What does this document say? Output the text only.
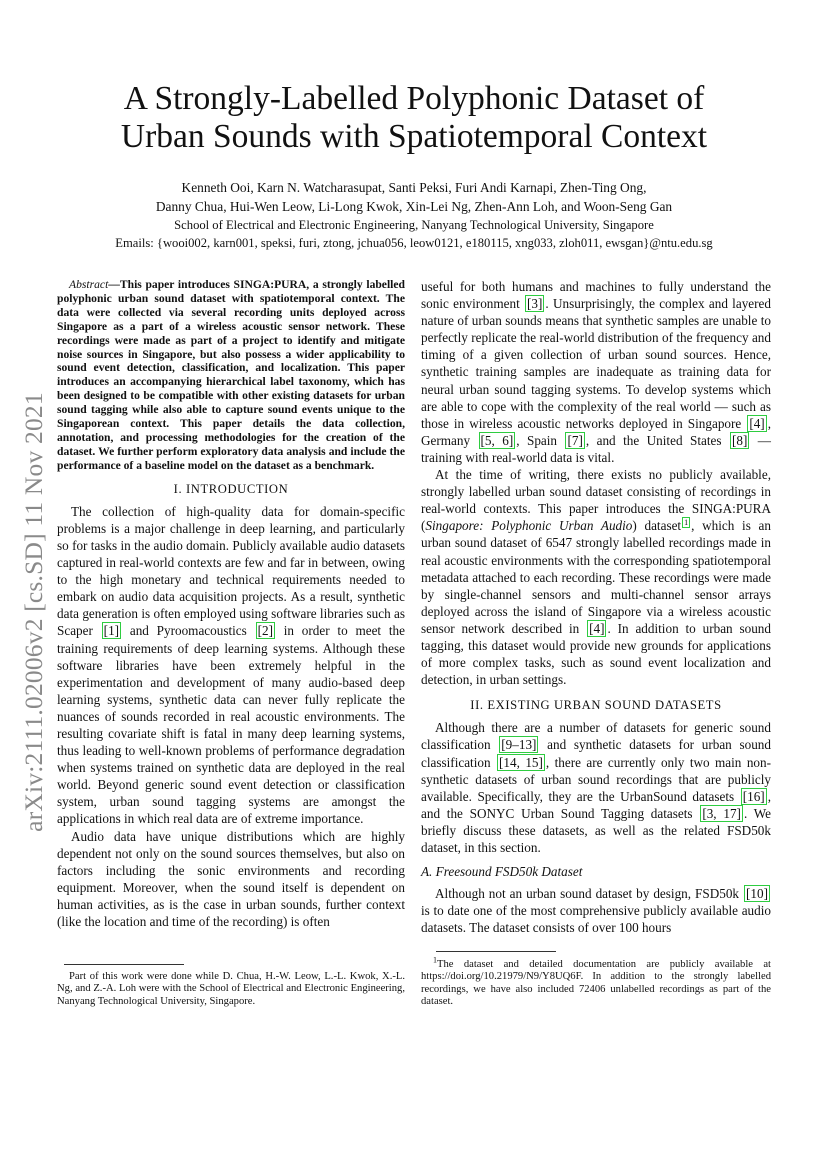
arXiv:2111.02006v2 [cs.SD] 11 Nov 2021
A Strongly-Labelled Polyphonic Dataset of
Urban Sounds with Spatiotemporal Context
Kenneth Ooi, Karn N. Watcharasupat, Santi Peksi, Furi Andi Karnapi, Zhen-Ting Ong,
Danny Chua, Hui-Wen Leow, Li-Long Kwok, Xin-Lei Ng, Zhen-Ann Loh, and Woon-Seng Gan
School of Electrical and Electronic Engineering, Nanyang Technological University, Singapore
Emails: {wooi002, karn001, speksi, furi, ztong, jchua056, leow0121, e180115, xng033, zloh011, ewsgan}@ntu.edu.sg
Abstract—This paper introduces SINGA:PURA, a strongly labelled polyphonic urban sound dataset with spatiotemporal context. The data were collected via several recording units deployed across Singapore as a part of a wireless acoustic sensor network. These recordings were made as part of a project to identify and mitigate noise sources in Singapore, but also possess a wider applicability to sound event detection, classification, and localization. This paper introduces an accompanying hierarchical label taxonomy, which has been designed to be compatible with other existing datasets for urban sound tagging while also able to capture sound events unique to the Singaporean context. This paper details the data collection, annotation, and processing methodologies for the creation of the dataset. We further perform exploratory data analysis and include the performance of a baseline model on the dataset as a benchmark.
I. INTRODUCTION

The collection of high-quality data for domain-specific problems is a major challenge in deep learning, and particularly so for tasks in the audio domain. Publicly available audio datasets captured in real-world contexts are few and far in between, owing to the high monetary and technical requirements needed to embark on audio data acquisition projects. As a result, synthetic data generation is often employed using software libraries such as Scaper [1] and Pyroomacoustics [2] in order to meet the training requirements of deep learning systems. Although these software libraries have been extremely helpful in the experimentation and development of many audio-based deep learning systems, synthetic data can never fully replicate the nuances of sounds recorded in real acoustic environments. The resulting covariate shift is fatal in many deep learning systems, thus leading to well-known problems of performance degradation when systems trained on synthetic data are deployed in the real world. Beyond generic sound event detection or classification system, urban sound tagging systems are amongst the applications in which real data are of extreme importance.

Audio data have unique distributions which are highly dependent not only on the sound sources themselves, but also on factors including the sonic environments and recording equipment. Moreover, when the sound itself is dependent on human activities, as is the case in urban sounds, further context (like the location and time of the recording) is often

Part of this work were done while D. Chua, H.-W. Leow, L.-L. Kwok, X.-L. Ng, and Z.-A. Loh were with the School of Electrical and Electronic Engineering, Nanyang Technological University, Singapore.

useful for both humans and machines to fully understand the sonic environment [3] . Unsurprisingly, the complex and layered nature of urban sounds means that synthetic samples are unable to perfectly replicate the real-world distribution of the frequency and timing of a given collection of urban sound sources. Hence, synthetic training samples are inadequate as training data for neural urban sound tagging systems. To develop systems which are able to cope with the complexity of the real world — such as those in wireless acoustic networks deployed in Singapore [4] , Germany [5, 6] , Spain [7] , and the United States [8] — training with real-world data is vital.

At the time of writing, there exists no publicly available, strongly labelled urban sound dataset consisting of recordings in real-world contexts. This paper introduces the SINGA:PURA (Singapore: Polyphonic Urban Audio) dataset $^1$ , which is an urban sound dataset of 6547 strongly labelled recordings made in real acoustic environments with the corresponding spatiotemporal metadata attached to each recording. These recordings were made by single-channel sensors and multi-channel sensor arrays deployed across the island of Singapore via a wireless acoustic sensor network described in [4] . In addition to urban sound tagging, this dataset would provide new grounds for applications of more complex tasks, such as sound event localization and detection, in urban settings.

II. EXISTING URBAN SOUND DATASETS

Although there are a number of datasets for generic sound classification [9–13] and synthetic datasets for urban sound classification [14, 15] , there are currently only two main non-synthetic datasets of urban sound recordings that are publicly available. Specifically, they are the UrbanSound datasets [16] , and the SONYC Urban Sound Tagging datasets [3, 17] . We briefly discuss these datasets, as well as the related FSD50k dataset, in this section.

A. Freesound FSD50k Dataset

Although not an urban sound dataset by design, FSD50k [10] is to date one of the most comprehensive publicly available audio datasets. The dataset consists of over 100 hours

$^1$The dataset and detailed documentation are publicly available at https://doi.org/10.21979/N9/Y8UQ6F. In addition to the strongly labelled recordings, we have also included 72406 unlabelled recordings as part of the dataset.
